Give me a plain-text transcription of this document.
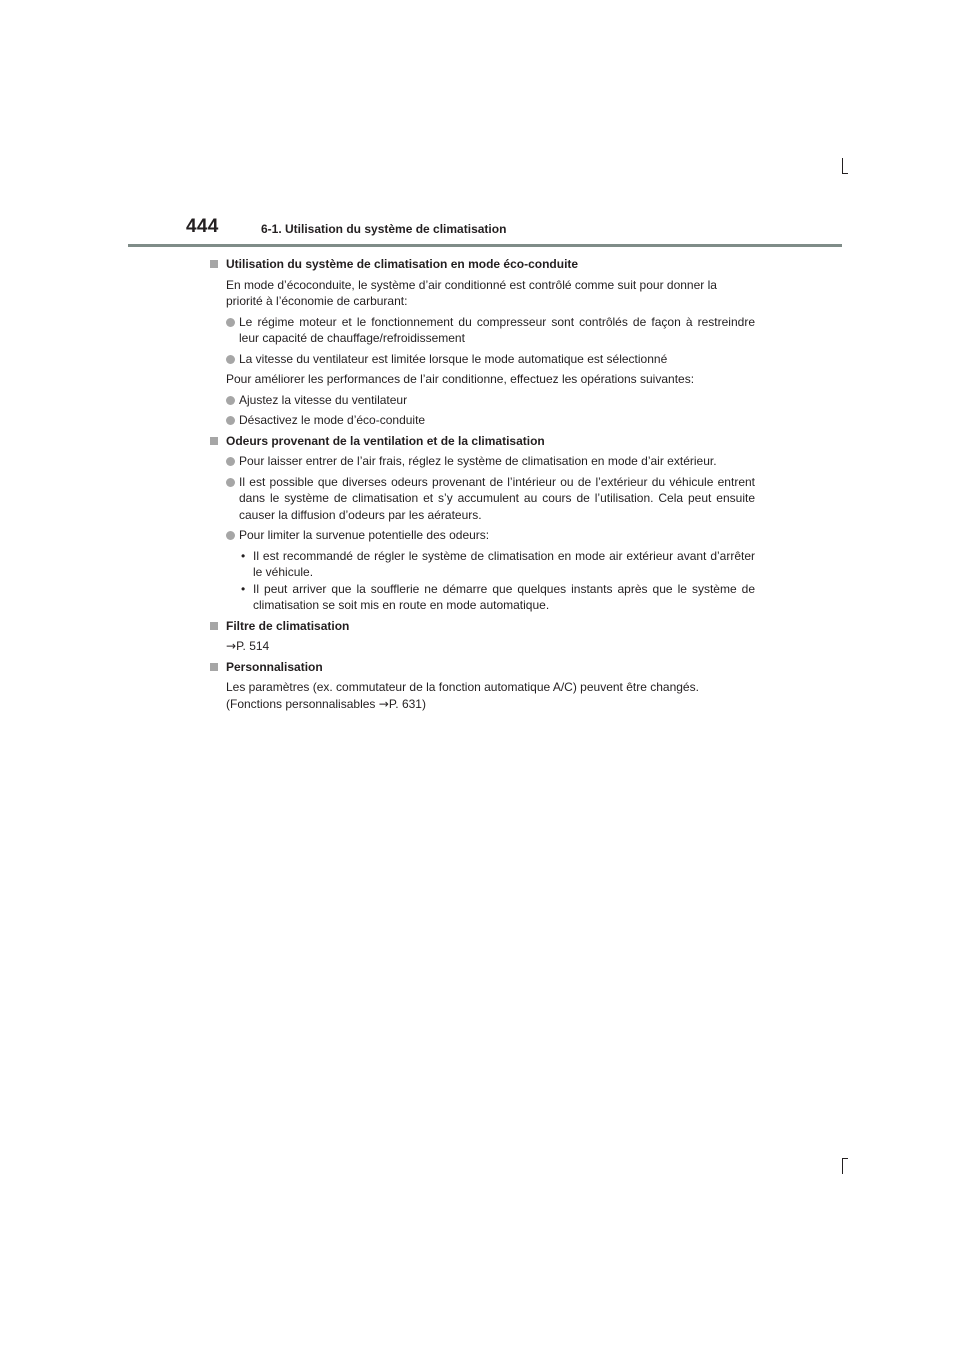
444	6-1. Utilisation du système de climatisation
Utilisation du système de climatisation en mode éco-conduite
En mode d’écoconduite, le système d’air conditionné est contrôlé comme suit pour donner la priorité à l’économie de carburant:
Le régime moteur et le fonctionnement du compresseur sont contrôlés de façon à restreindre leur capacité de chauffage/refroidissement
La vitesse du ventilateur est limitée lorsque le mode automatique est sélectionné
Pour améliorer les performances de l’air conditionne, effectuez les opérations suivantes:
Ajustez la vitesse du ventilateur
Désactivez le mode d’éco-conduite
Odeurs provenant de la ventilation et de la climatisation
Pour laisser entrer de l’air frais, réglez le système de climatisation en mode d’air extérieur.
Il est possible que diverses odeurs provenant de l’intérieur ou de l’extérieur du véhicule entrent dans le système de climatisation et s’y accumulent au cours de l’utilisation. Cela peut ensuite causer la diffusion d’odeurs par les aérateurs.
Pour limiter la survenue potentielle des odeurs:
• Il est recommandé de régler le système de climatisation en mode air extérieur avant d’arrêter le véhicule.
• Il peut arriver que la soufflerie ne démarre que quelques instants après que le système de climatisation se soit mis en route en mode automatique.
Filtre de climatisation
→P. 514
Personnalisation
Les paramètres (ex. commutateur de la fonction automatique A/C) peuvent être changés.
(Fonctions personnalisables →P. 631)
